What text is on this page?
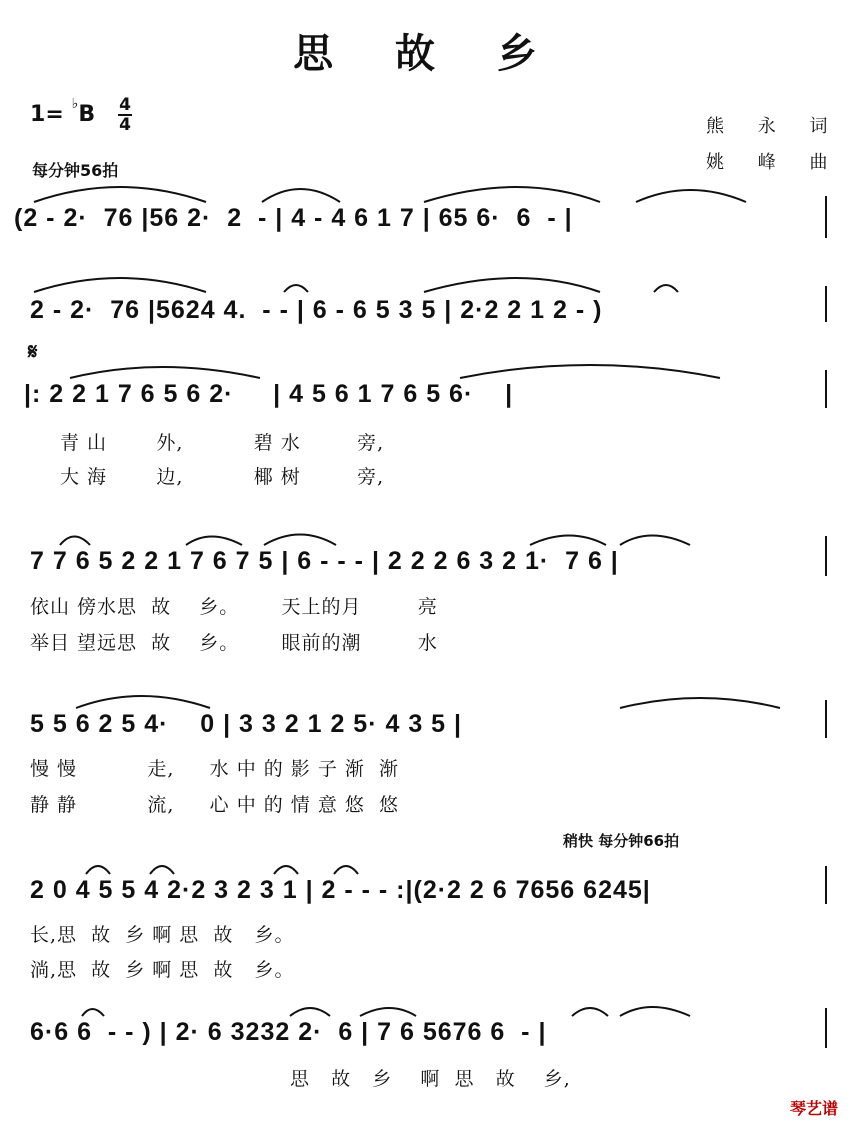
思 故 乡
1= ♭B 4
4
每分钟56拍
熊 永 词
姚 峰 曲
𝄋
(2 - 2·  76 |56 2·  2  - | 4 - 4 6 1 7 | 65 6·  6  - |
2 - 2·  76 |5624 4.  - - | 6 - 6 5 3 5 | 2·2 2 1 2 - )
|: 2 2 1 7 6 5 6 2·     | 4 5 6 1 7 6 5 6·    |
青 山       外,          碧 水        旁,
大 海       边,          椰 树        旁,
7 7 6 5 2 2 1 7 6 7 5 | 6 - - - | 2 2 2 6 3 2 1·  7 6 |
依山 傍水思  故    乡。      天上的月        亮
举目 望远思  故    乡。      眼前的潮        水
5 5 6 2 5 4·    0 | 3 3 2 1 2 5· 4 3 5 |
慢 慢          走,     水 中 的 影 子 渐  渐
静 静          流,     心 中 的 情 意 悠  悠
稍快 每分钟66拍
2 0 4 5 5 4 2·2 3 2 3 1 | 2 - - - :|(2·2 2 6 7656 6245|
长,思  故  乡 啊 思  故   乡。
淌,思  故  乡 啊 思  故   乡。
6·6 6  - - ) | 2· 6 3232 2·  6 | 7 6 5676 6  - |
思   故   乡    啊  思   故    乡,
琴艺谱
